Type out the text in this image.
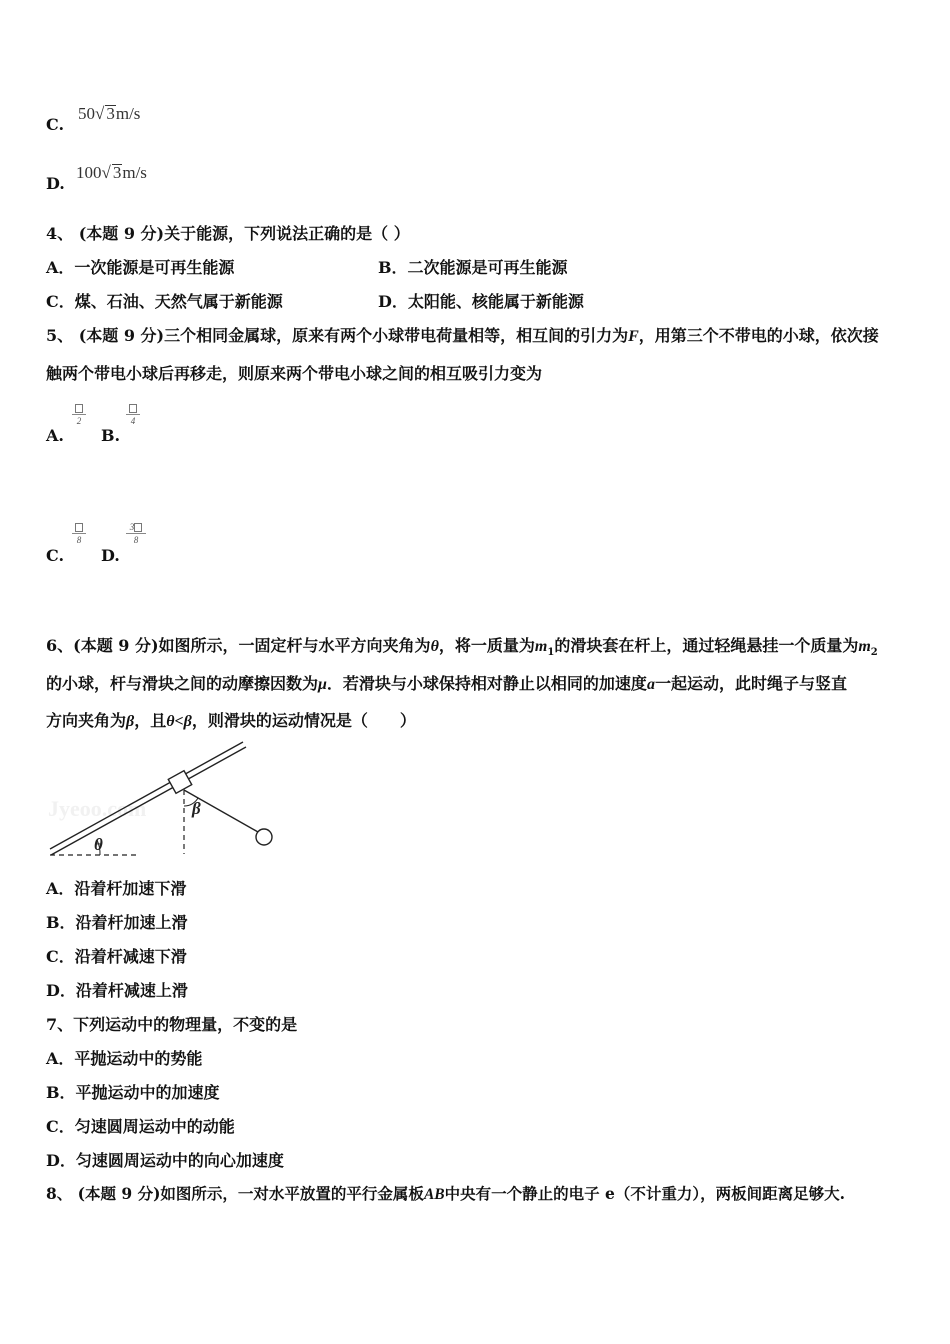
C.
50√ 3m/s
D.
100√ 3m/s
4、 (本题 9 分)关于能源，下列说法正确的是（ ）
A．一次能源是可再生能源	B．二次能源是可再生能源
C．煤、石油、天然气属于新能源	D．太阳能、核能属于新能源
5、 (本题 9 分)三个相同金属球，原来有两个小球带电荷量相等，相互间的引力为F，用第三个不带电的小球，依次接
触两个带电小球后再移走，则原来两个带电小球之间的相互吸引力变为
A.
2
B.
4
C.
8
D.
3
8
6、(本题 9 分)如图所示，一固定杆与水平方向夹角为θ，将一质量为$m_1$的滑块套在杆上，通过轻绳悬挂一个质量为$m_2$
的小球，杆与滑块之间的动摩擦因数为μ．若滑块与小球保持相对静止以相同的加速度a一起运动，此时绳子与竖直
方向夹角为β，且θ<β，则滑块的运动情况是（　　）
Jyeoo.com
θ
β
A．沿着杆加速下滑
B．沿着杆加速上滑
C．沿着杆减速下滑
D．沿着杆减速上滑
7、下列运动中的物理量，不变的是
A．平抛运动中的势能
B．平抛运动中的加速度
C．匀速圆周运动中的动能
D．匀速圆周运动中的向心加速度
8、 (本题 9 分)如图所示，一对水平放置的平行金属板AB中央有一个静止的电子 e（不计重力），两板间距离足够大.
